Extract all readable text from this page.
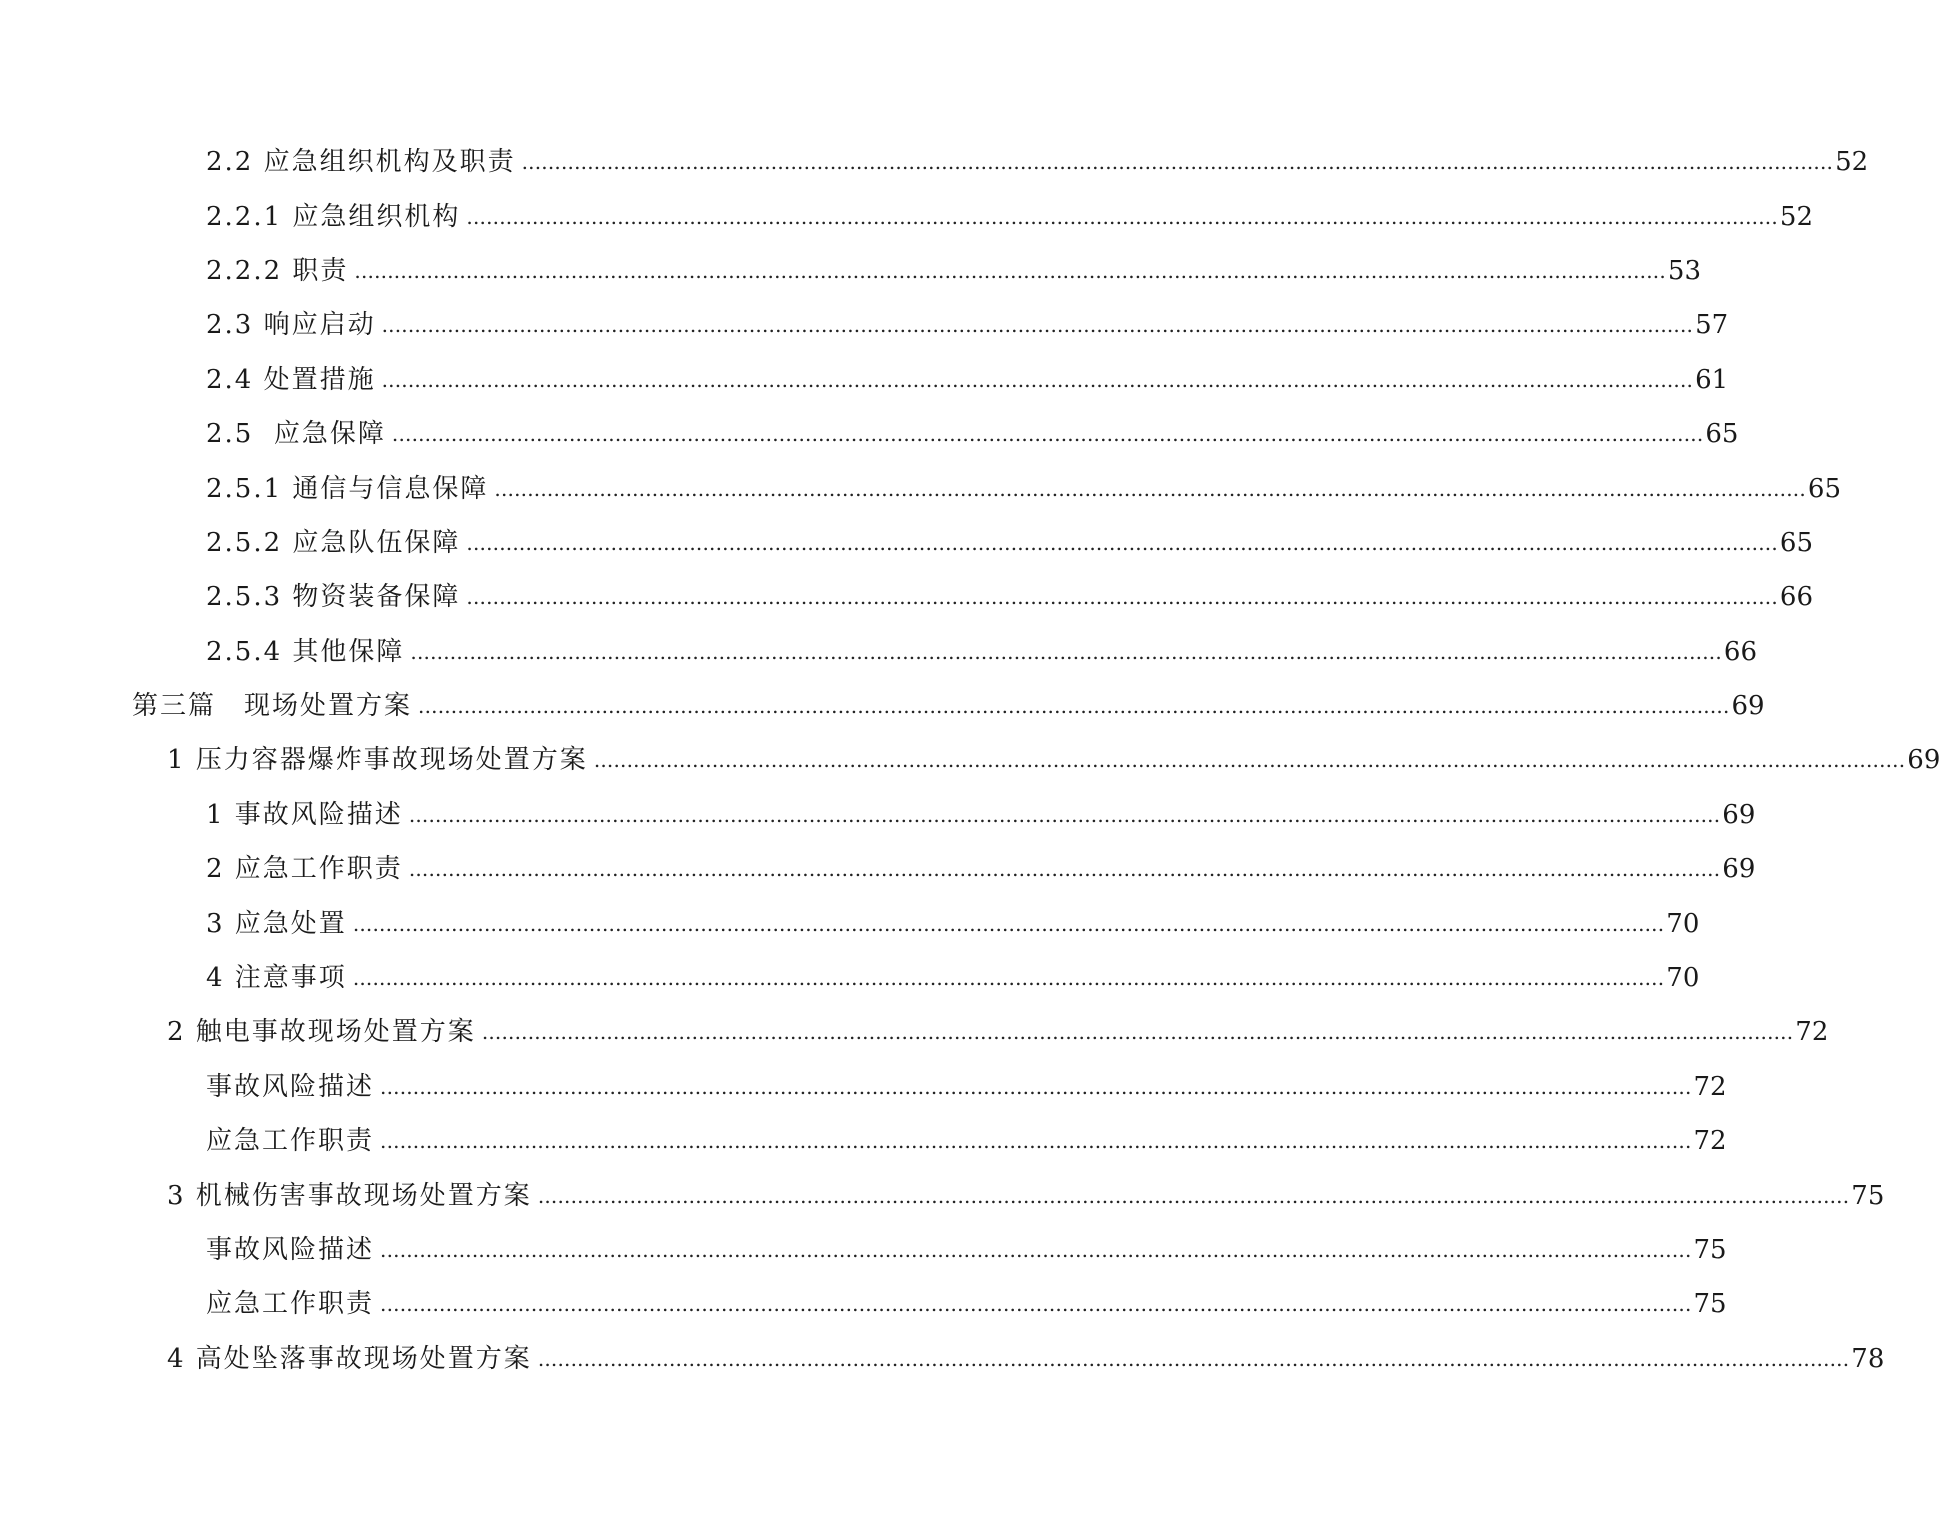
2.2 应急组织机构及职责 ........................................................................................................................................................................................................ 52
2.2.1 应急组织机构 ........................................................................................................................................................................................................ 52
2.2.2 职责 ........................................................................................................................................................................................................ 53
2.3 响应启动 ........................................................................................................................................................................................................ 57
2.4 处置措施 ........................................................................................................................................................................................................ 61
2.5  应急保障 ........................................................................................................................................................................................................ 65
2.5.1 通信与信息保障 ........................................................................................................................................................................................................ 65
2.5.2 应急队伍保障 ........................................................................................................................................................................................................ 65
2.5.3 物资装备保障 ........................................................................................................................................................................................................ 66
2.5.4 其他保障 ........................................................................................................................................................................................................ 66
第三篇　现场处置方案 ........................................................................................................................................................................................................ 69
1 压力容器爆炸事故现场处置方案 ........................................................................................................................................................................................................ 69
1 事故风险描述 ........................................................................................................................................................................................................ 69
2 应急工作职责 ........................................................................................................................................................................................................ 69
3 应急处置 ........................................................................................................................................................................................................ 70
4 注意事项 ........................................................................................................................................................................................................ 70
2 触电事故现场处置方案 ........................................................................................................................................................................................................ 72
事故风险描述 ........................................................................................................................................................................................................ 72
应急工作职责 ........................................................................................................................................................................................................ 72
3 机械伤害事故现场处置方案 ........................................................................................................................................................................................................ 75
事故风险描述 ........................................................................................................................................................................................................ 75
应急工作职责 ........................................................................................................................................................................................................ 75
4 高处坠落事故现场处置方案 ........................................................................................................................................................................................................ 78
